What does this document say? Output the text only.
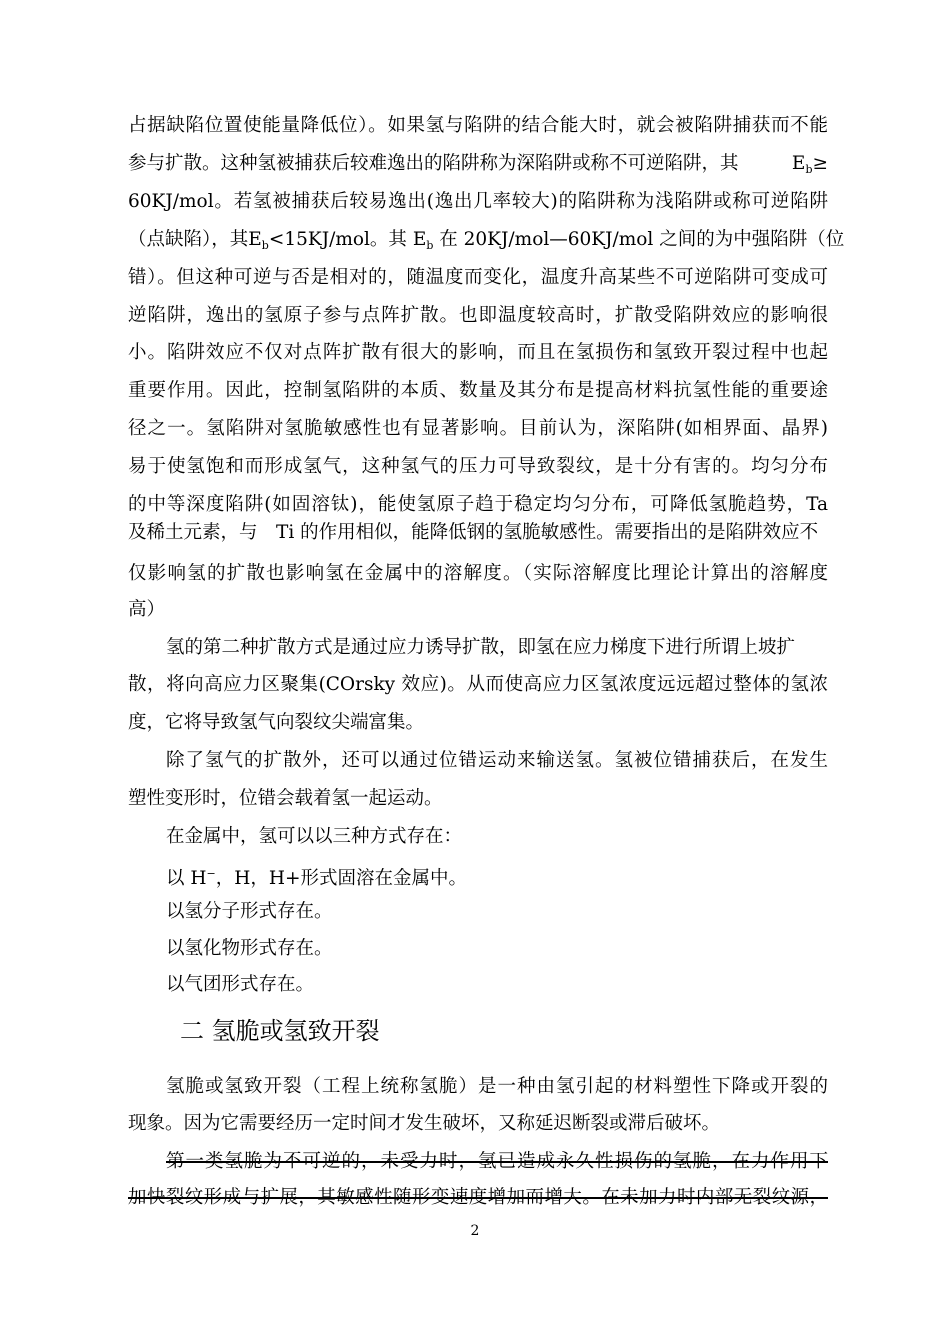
占据缺陷位置使能量降低位）。如果氢与陷阱的结合能大时，就会被陷阱捕获而不能
参与扩散。这种氢被捕获后较难逸出的陷阱称为深陷阱或称不可逆陷阱，其	$E_b\ge$
60KJ/mol。若氢被捕获后较易逸出(逸出几率较大)的陷阱称为浅陷阱或称可逆陷阱
（点缺陷），其$E_b<15KJ$/mol。其 $E_b$ 在 20KJ/mol—60KJ/mol 之间的为中强陷阱（位
错）。但这种可逆与否是相对的，随温度而变化，温度升高某些不可逆陷阱可变成可
逆陷阱，逸出的氢原子参与点阵扩散。也即温度较高时，扩散受陷阱效应的影响很
小。陷阱效应不仅对点阵扩散有很大的影响，而且在氢损伤和氢致开裂过程中也起
重要作用。因此，控制氢陷阱的本质、数量及其分布是提高材料抗氢性能的重要途
径之一。氢陷阱对氢脆敏感性也有显著影响。目前认为，深陷阱(如相界面、晶界)
易于使氢饱和而形成氢气，这种氢气的压力可导致裂纹，是十分有害的。均匀分布
的中等深度陷阱(如固溶钛)，能使氢原子趋于稳定均匀分布，可降低氢脆趋势，Ta
及稀土元素，与　Ti 的作用相似，能降低钢的氢脆敏感性。需要指出的是陷阱效应不
仅影响氢的扩散也影响氢在金属中的溶解度。（实际溶解度比理论计算出的溶解度
高）
氢的第二种扩散方式是通过应力诱导扩散，即氢在应力梯度下进行所谓上坡扩
散，将向高应力区聚集(COrsky 效应)。从而使高应力区氢浓度远远超过整体的氢浓
度，它将导致氢气向裂纹尖端富集。
除了氢气的扩散外，还可以通过位错运动来输送氢。氢被位错捕获后，在发生
塑性变形时，位错会载着氢一起运动。
在金属中，氢可以以三种方式存在：
以 H−，H，H+形式固溶在金属中。
以氢分子形式存在。
以氢化物形式存在。
以气团形式存在。
二 氢脆或氢致开裂
氢脆或氢致开裂（工程上统称氢脆）是一种由氢引起的材料塑性下降或开裂的
现象。因为它需要经历一定时间才发生破坏，又称延迟断裂或滞后破坏。
第一类氢脆为不可逆的，未受力时，氢已造成永久性损伤的氢脆，在力作用下
加快裂纹形成与扩展，其敏感性随形变速度增加而增大。在未加力时内部无裂纹源，
2
